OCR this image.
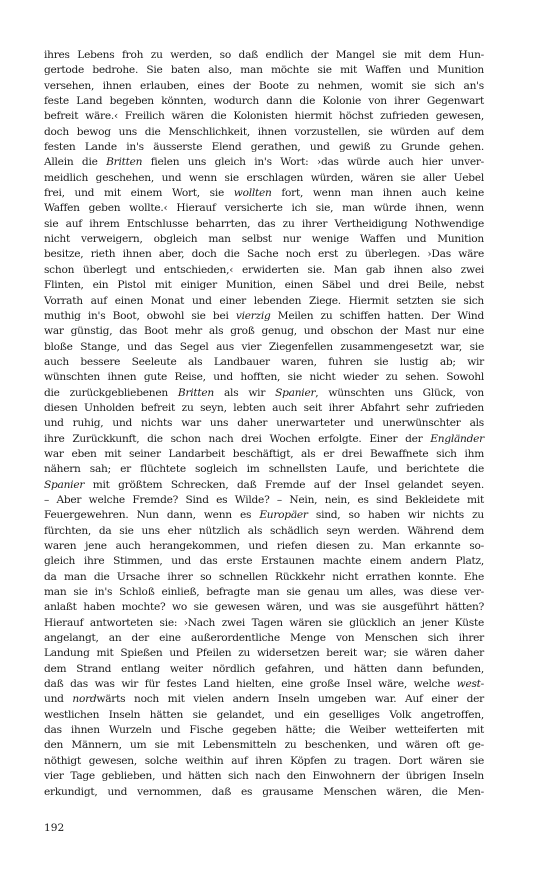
ihres Lebens froh zu werden, so daß endlich der Mangel sie mit dem Hun-
gertode bedrohe. Sie baten also, man möchte sie mit Waffen und Munition
versehen, ihnen erlauben, eines der Boote zu nehmen, womit sie sich an's
feste Land begeben könnten, wodurch dann die Kolonie von ihrer Gegenwart
befreit wäre.‹ Freilich wären die Kolonisten hiermit höchst zufrieden gewesen,
doch bewog uns die Menschlichkeit, ihnen vorzustellen, sie würden auf dem
festen Lande in's äusserste Elend gerathen, und gewiß zu Grunde gehen.
Allein die Britten fielen uns gleich in's Wort: ›das würde auch hier unver-
meidlich geschehen, und wenn sie erschlagen würden, wären sie aller Uebel
frei, und mit einem Wort, sie wollten fort, wenn man ihnen auch keine
Waffen geben wollte.‹ Hierauf versicherte ich sie, man würde ihnen, wenn
sie auf ihrem Entschlusse beharrten, das zu ihrer Vertheidigung Nothwendige
nicht verweigern, obgleich man selbst nur wenige Waffen und Munition
besitze, rieth ihnen aber, doch die Sache noch erst zu überlegen. ›Das wäre
schon überlegt und entschieden,‹ erwiderten sie. Man gab ihnen also zwei
Flinten, ein Pistol mit einiger Munition, einen Säbel und drei Beile, nebst
Vorrath auf einen Monat und einer lebenden Ziege. Hiermit setzten sie sich
muthig in's Boot, obwohl sie bei vierzig Meilen zu schiffen hatten. Der Wind
war günstig, das Boot mehr als groß genug, und obschon der Mast nur eine
bloße Stange, und das Segel aus vier Ziegenfellen zusammengesetzt war, sie
auch bessere Seeleute als Landbauer waren, fuhren sie lustig ab; wir
wünschten ihnen gute Reise, und hofften, sie nicht wieder zu sehen. Sowohl
die zurückgebliebenen Britten als wir Spanier, wünschten uns Glück, von
diesen Unholden befreit zu seyn, lebten auch seit ihrer Abfahrt sehr zufrieden
und ruhig, und nichts war uns daher unerwarteter und unerwünschter als
ihre Zurückkunft, die schon nach drei Wochen erfolgte. Einer der Engländer
war eben mit seiner Landarbeit beschäftigt, als er drei Bewaffnete sich ihm
nähern sah; er flüchtete sogleich im schnellsten Laufe, und berichtete die
Spanier mit größtem Schrecken, daß Fremde auf der Insel gelandet seyen.
– Aber welche Fremde? Sind es Wilde? – Nein, nein, es sind Bekleidete mit
Feuergewehren. Nun dann, wenn es Europäer sind, so haben wir nichts zu
fürchten, da sie uns eher nützlich als schädlich seyn werden. Während dem
waren jene auch herangekommen, und riefen diesen zu. Man erkannte so-
gleich ihre Stimmen, und das erste Erstaunen machte einem andern Platz,
da man die Ursache ihrer so schnellen Rückkehr nicht errathen konnte. Ehe
man sie in's Schloß einließ, befragte man sie genau um alles, was diese ver-
anlaßt haben mochte? wo sie gewesen wären, und was sie ausgeführt hätten?
Hierauf antworteten sie: ›Nach zwei Tagen wären sie glücklich an jener Küste
angelangt, an der eine außerordentliche Menge von Menschen sich ihrer
Landung mit Spießen und Pfeilen zu widersetzen bereit war; sie wären daher
dem Strand entlang weiter nördlich gefahren, und hätten dann befunden,
daß das was wir für festes Land hielten, eine große Insel wäre, welche west-
und nordwärts noch mit vielen andern Inseln umgeben war. Auf einer der
westlichen Inseln hätten sie gelandet, und ein geselliges Volk angetroffen,
das ihnen Wurzeln und Fische gegeben hätte; die Weiber wetteiferten mit
den Männern, um sie mit Lebensmitteln zu beschenken, und wären oft ge-
nöthigt gewesen, solche weithin auf ihren Köpfen zu tragen. Dort wären sie
vier Tage geblieben, und hätten sich nach den Einwohnern der übrigen Inseln
erkundigt, und vernommen, daß es grausame Menschen wären, die Men-
192
